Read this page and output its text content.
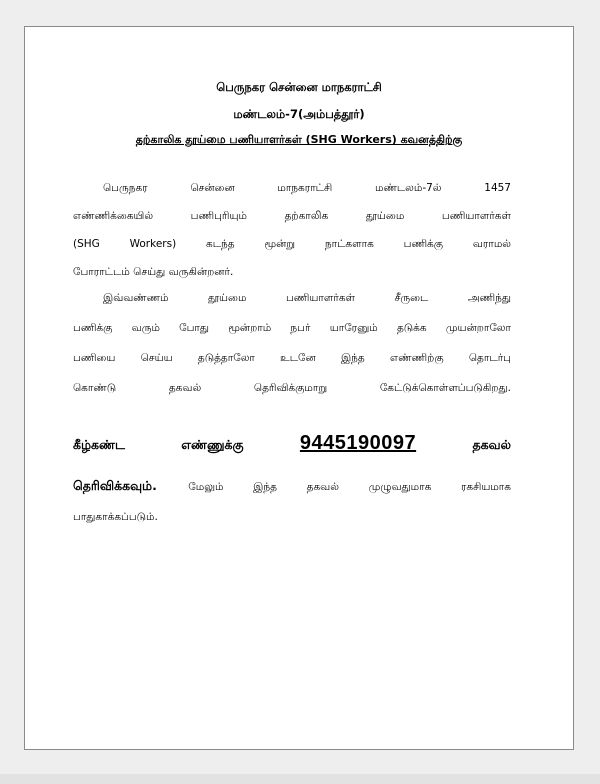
பெருநகர சென்னை மாநகராட்சி
மண்டலம்-7(அம்பத்தூர்)
தற்காலிக தூய்மை பணியாளர்கள் (SHG Workers) கவனத்திற்கு
பெருநகர சென்னை மாநகராட்சி மண்டலம்-7ல் 1457
எண்ணிக்கையில் பணிபுரியும் தற்காலிக தூய்மை பணியாளர்கள்
(SHG Workers) கடந்த மூன்று நாட்களாக பணிக்கு வராமல்
போராட்டம் செய்து வருகின்றனர்.
இவ்வண்ணம் தூய்மை பணியாளர்கள் சீருடை அணிந்து
பணிக்கு வரும் போது மூன்றாம் நபர் யாரேனும் தடுக்க முயன்றாலோ
பணியை செய்ய தடுத்தாலோ உடனே இந்த எண்ணிற்கு தொடர்பு
கொண்டு தகவல் தெரிவிக்குமாறு கேட்டுக்கொள்ளப்படுகிறது.
கீழ்கண்ட	எண்ணுக்கு	9445190097	தகவல்
தெரிவிக்கவும்.	மேலும் இந்த தகவல் முழுவதுமாக ரகசியமாக
பாதுகாக்கப்படும்.
